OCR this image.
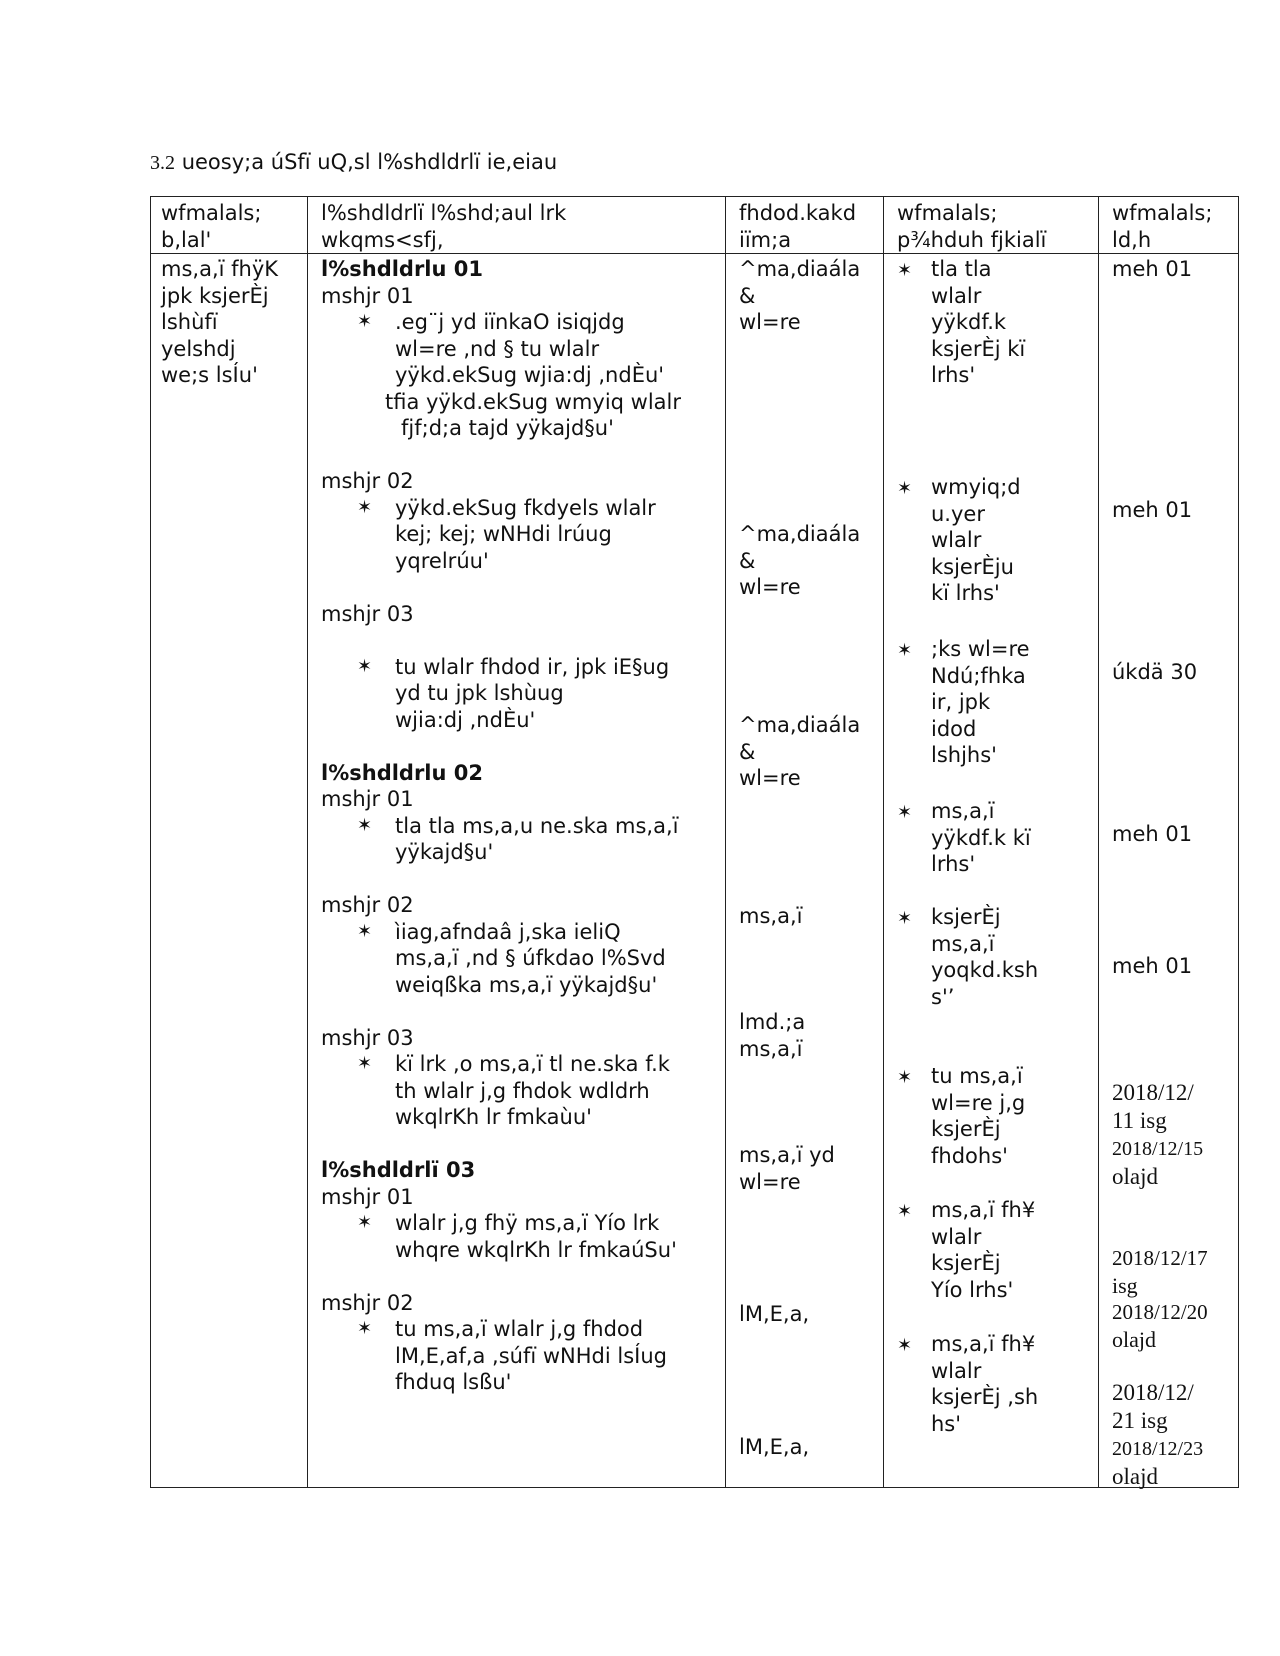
3.2 ueosy;a úSfï uQ,sl l%shdldrlï ie,eiau
wfmalals;
b,lal'
l%shdldrlï l%shd;aul lrk
wkqms<sfj,
fhdod.kakd
iïm;a
wfmalals;
p¾hduh fjkialï
wfmalals;
ld,h
ms,a,ï fhÿK
jpk ksjerÈj
lshùfï
yelshdj
we;s lsÍu'
l%shdldrlu 01
mshjr 01
✶ .eg¨j yd iïnkaO isiqjdg
wl=re ,nd § tu wlalr
yÿkd.ekSug wjia:dj ,ndÈu'
tfia yÿkd.ekSug wmyiq wlalr
fjf;d;a tajd yÿkajd§u'
mshjr 02
✶ yÿkd.ekSug fkdyels wlalr
kej; kej; wNHdi lrúug
yqrelrúu'
mshjr 03
✶ tu wlalr fhdod ir, jpk iE§ug
yd tu jpk lshùug
wjia:dj ,ndÈu'
l%shdldrlu 02
mshjr 01
✶ tla tla ms,a,u ne.ska ms,a,ï
yÿkajd§u'
mshjr 02
✶ ìiag,afndaâ j,ska ieliQ
ms,a,ï ,nd § úfkdao l%Svd
weiqßka ms,a,ï yÿkajd§u'
mshjr 03
✶ kï lrk ,o ms,a,ï tl ne.ska f.k
th wlalr j,g fhdok wdldrh
wkqlrKh lr fmkaùu'
l%shdldrlï 03
mshjr 01
✶ wlalr j,g fhÿ ms,a,ï Yío lrk
whqre wkqlrKh lr fmkaúSu'
mshjr 02
✶ tu ms,a,ï wlalr j,g fhdod
lM,E,af,a ,súfï wNHdi lsÍug
fhduq lsßu'
^ma,diaála
&
wl=re
^ma,diaála
&
wl=re
^ma,diaála
&
wl=re
ms,a,ï
lmd.;a
ms,a,ï
ms,a,ï yd
wl=re
lM,E,a,
lM,E,a,
✶ tla tla
wlalr
yÿkdf.k
ksjerÈj kï
lrhs'
✶ wmyiq;d
u.yer
wlalr
ksjerÈju
kï lrhs'
✶ ;ks wl=re
Ndú;fhka
ir, jpk
idod
lshjhs'
✶ ms,a,ï
yÿkdf.k kï
lrhs'
✶ ksjerÈj
ms,a,ï
yoqkd.ksh
s'’
✶ tu ms,a,ï
wl=re j,g
ksjerÈj
fhdohs'
✶ ms,a,ï fh¥
wlalr
ksjerÈj
Yío lrhs'
✶ ms,a,ï fh¥
wlalr
ksjerÈj ,sh
hs'
meh 01
meh 01
úkdä 30
meh 01
meh 01
2018/12/
11 isg
2018/12/15
olajd
2018/12/17
isg
2018/12/20
olajd
2018/12/
21 isg
2018/12/23
olajd
